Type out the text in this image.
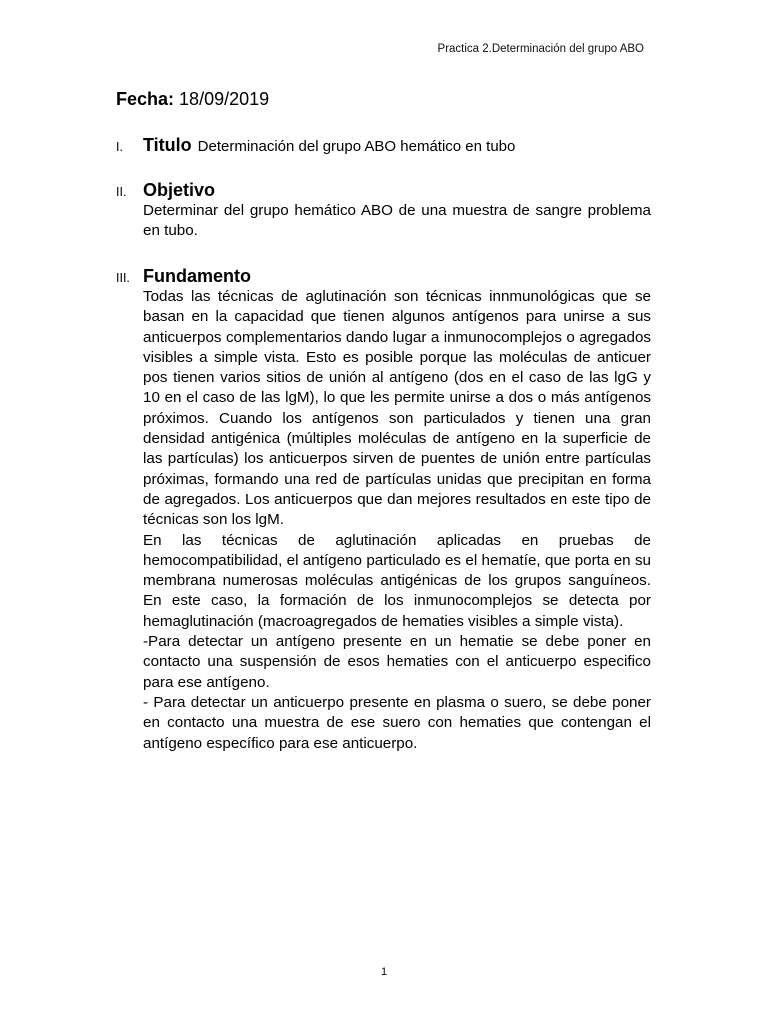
Practica 2.Determinación del grupo ABO
Fecha: 18/09/2019
I.	Titulo Determinación del grupo ABO hemático en tubo
II. Objetivo

Determinar del grupo hemático ABO de una muestra de sangre problema en tubo.

III. Fundamento

Todas las técnicas de aglutinación son técnicas innmunológicas que se basan en la capacidad que tienen algunos antígenos para unirse a sus anticuerpos complementarios dando lugar a inmunocomplejos o agregados visibles a simple vista. Esto es posible porque las moléculas de anticuer pos tienen varios sitios de unión al antígeno (dos en el caso de las lgG y 10 en el caso de las lgM), lo que les permite unirse a dos o más antígenos próximos. Cuando los antígenos son particulados y tienen una gran densidad antigénica (múltiples moléculas de antígeno en la superficie de las partículas) los anticuerpos sirven de puentes de unión entre partículas próximas, formando una red de partículas unidas que precipitan en forma de agregados. Los anticuerpos que dan mejores resultados en este tipo de técnicas son los lgM.

En las técnicas de aglutinación aplicadas en pruebas de hemocompatibilidad, el antígeno particulado es el hematíe, que porta en su membrana numerosas moléculas antigénicas de los grupos sanguíneos. En este caso, la formación de los inmunocomplejos se detecta por hemaglutinación (macroagregados de hematies visibles a simple vista).

-Para detectar un antígeno presente en un hematie se debe poner en contacto una suspensión de esos hematies con el anticuerpo especifico para ese antígeno.

- Para detectar un anticuerpo presente en plasma o suero, se debe poner en contacto una muestra de ese suero con hematies que contengan el antígeno específico para ese anticuerpo.

1
